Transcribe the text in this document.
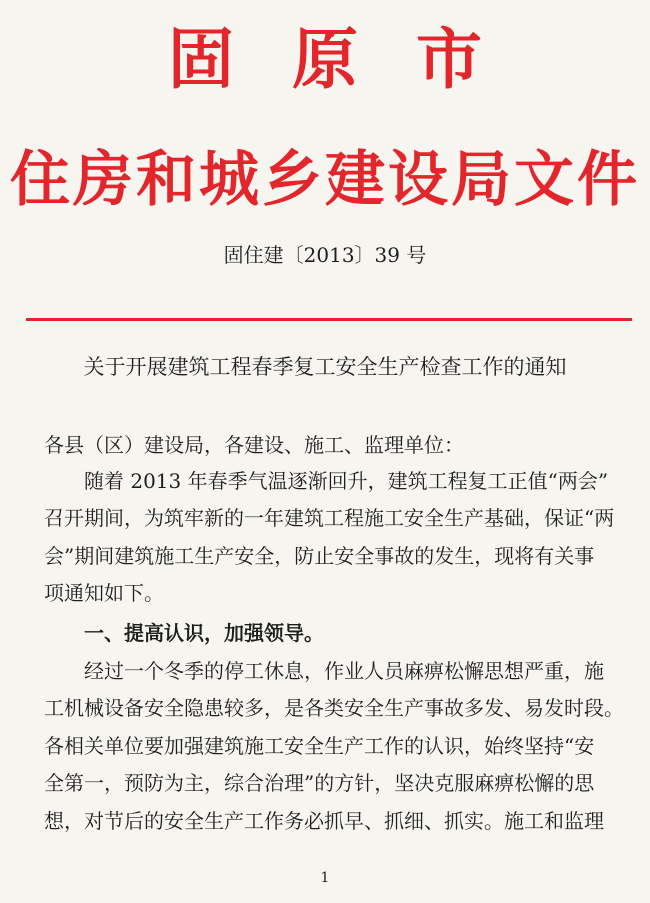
固原市
住房和城乡建设局文件
固住建〔2013〕39 号
关于开展建筑工程春季复工安全生产检查工作的通知
各县（区）建设局，各建设、施工、监理单位：
　　随着 2013 年春季气温逐渐回升，建筑工程复工正值“两会”
召开期间，为筑牢新的一年建筑工程施工安全生产基础，保证“两
会”期间建筑施工生产安全，防止安全事故的发生，现将有关事
项通知如下。
　　一、提高认识，加强领导。
　　经过一个冬季的停工休息，作业人员麻痹松懈思想严重，施
工机械设备安全隐患较多，是各类安全生产事故多发、易发时段。
各相关单位要加强建筑施工安全生产工作的认识，始终坚持“安
全第一，预防为主，综合治理”的方针，坚决克服麻痹松懈的思
想，对节后的安全生产工作务必抓早、抓细、抓实。施工和监理
1
